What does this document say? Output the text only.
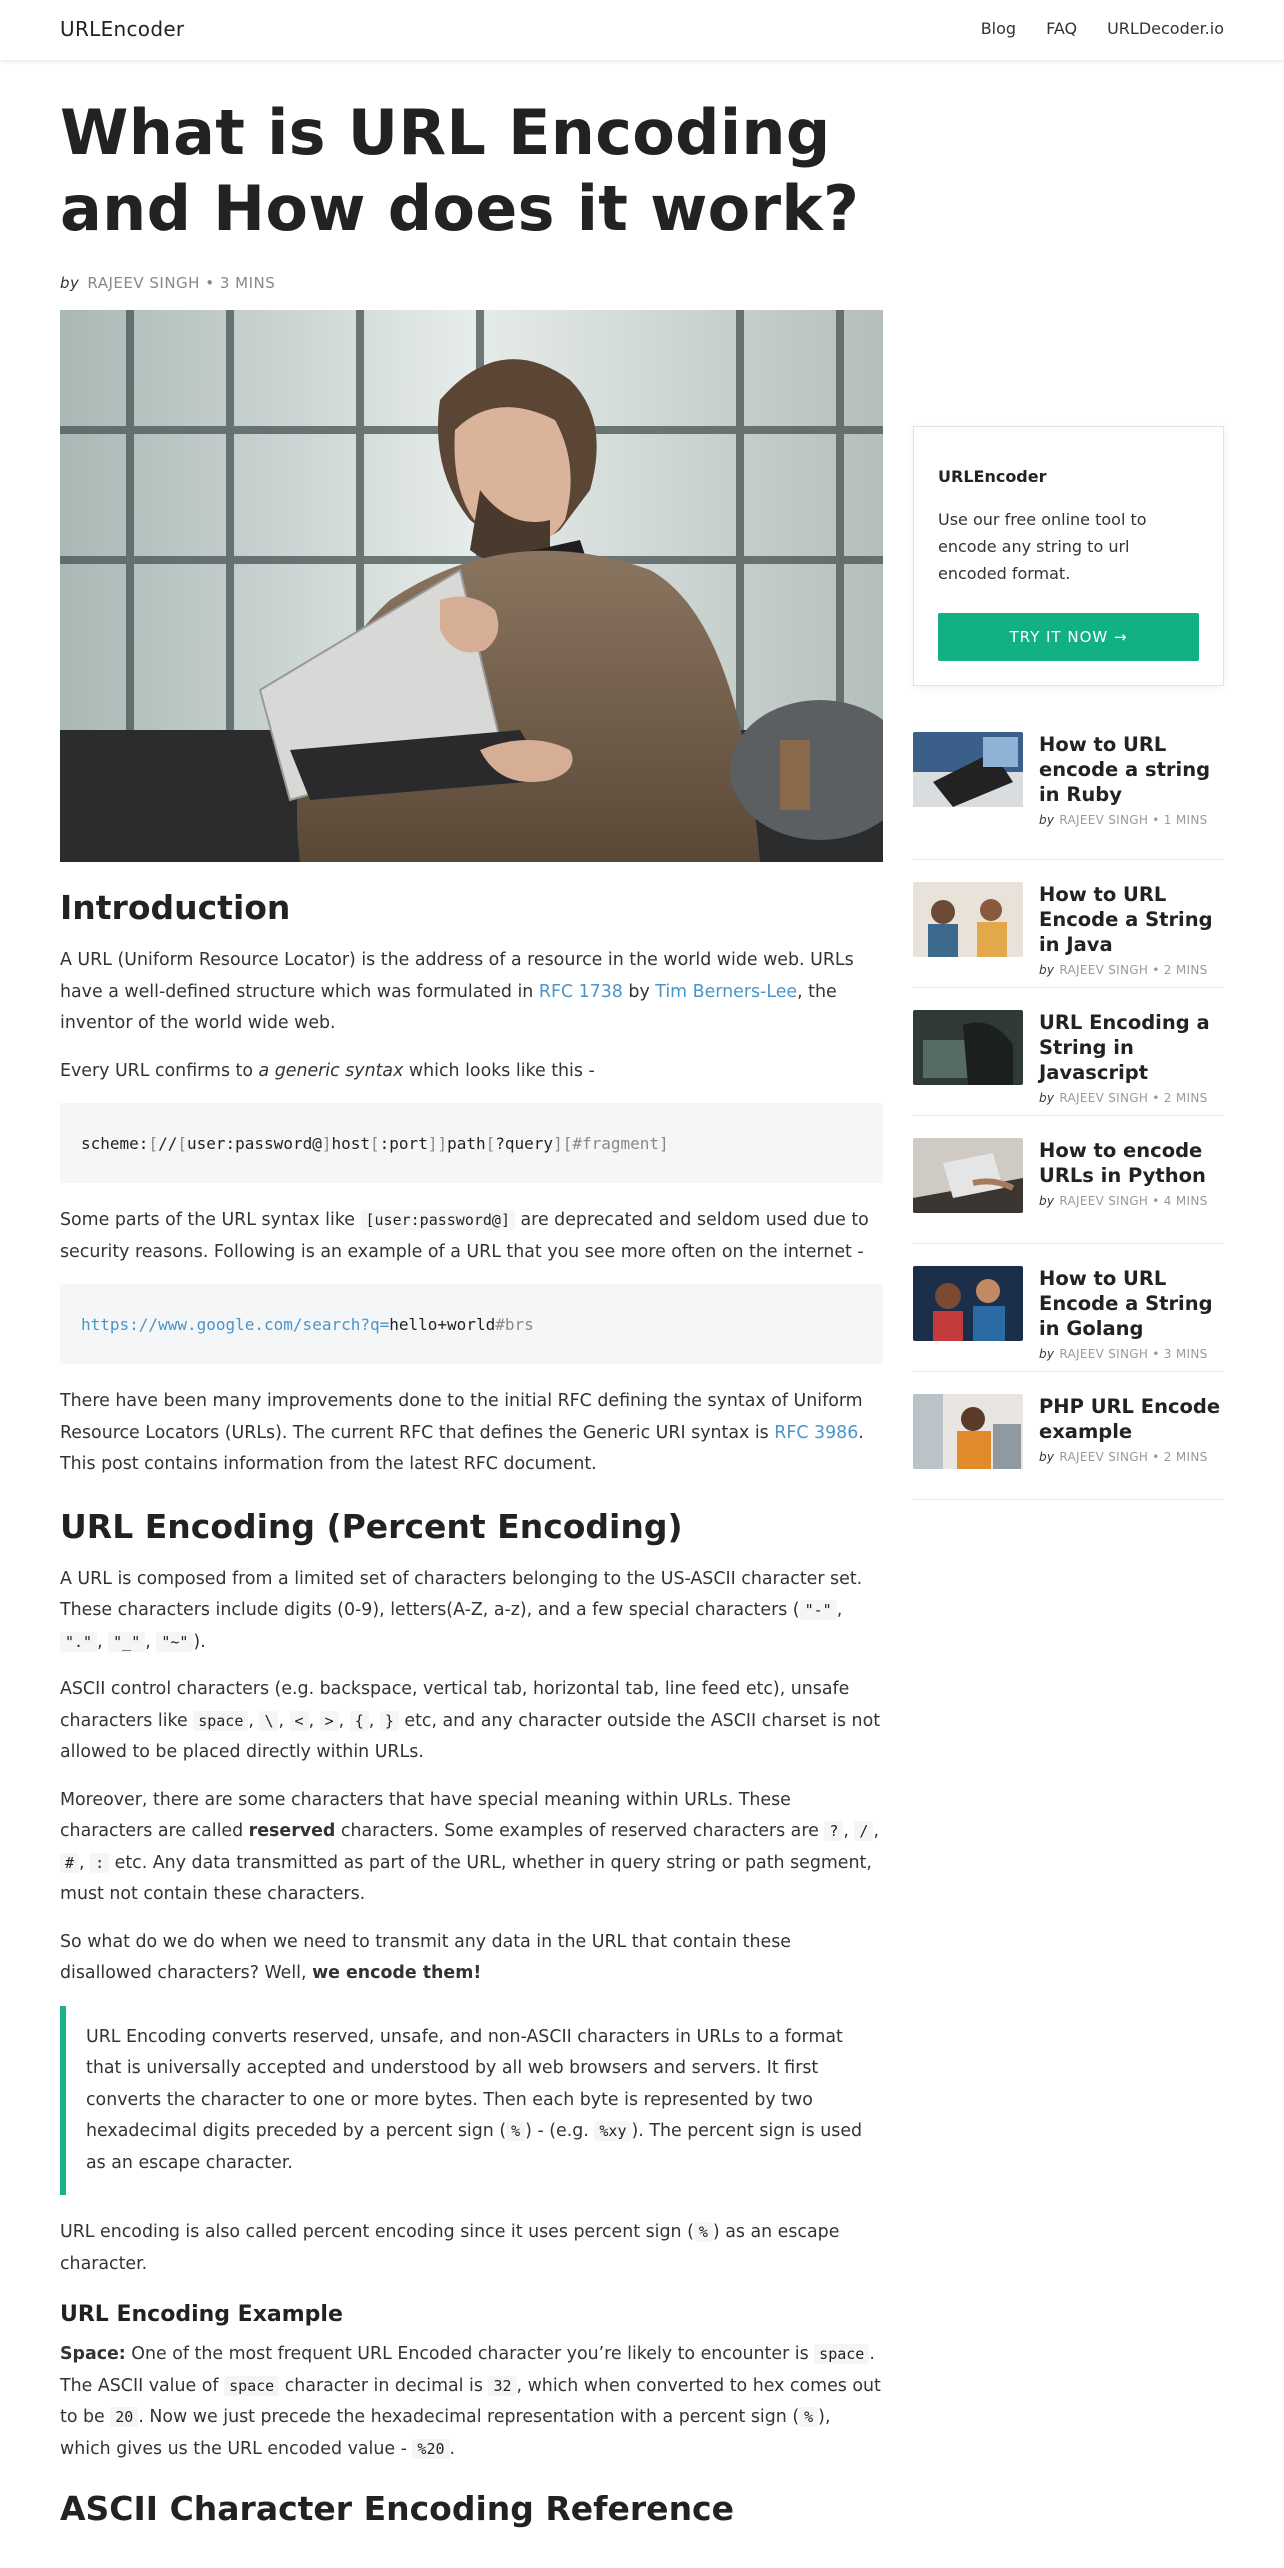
URLEncoder	Blog FAQ URLDecoder.io
What is URL Encoding
and How does it work?
by RAJEEV SINGH • 3 MINS
Introduction

A URL (Uniform Resource Locator) is the address of a resource in the world wide web. URLs have a well-defined structure which was formulated in RFC 1738 by Tim Berners-Lee, the inventor of the world wide web.

Every URL confirms to a generic syntax which looks like this -

scheme: [ // [ user:password@ ] host [ :port ]] path [ ?query ][#fragment]

Some parts of the URL syntax like [user:password@] are deprecated and seldom used due to security reasons. Following is an example of a URL that you see more often on the internet -

https://www.google.com/search?q= hello+world #brs

There have been many improvements done to the initial RFC defining the syntax of Uniform Resource Locators (URLs). The current RFC that defines the Generic URI syntax is RFC 3986. This post contains information from the latest RFC document.

URL Encoding (Percent Encoding)

A URL is composed from a limited set of characters belonging to the US-ASCII character set. These characters include digits (0-9), letters(A-Z, a-z), and a few special characters ( "-" , "." , "_" , "~" ).

ASCII control characters (e.g. backspace, vertical tab, horizontal tab, line feed etc), unsafe characters like space , \ , < , > , { , } etc, and any character outside the ASCII charset is not allowed to be placed directly within URLs.

Moreover, there are some characters that have special meaning within URLs. These characters are called reserved characters. Some examples of reserved characters are ? , / , # , : etc. Any data transmitted as part of the URL, whether in query string or path segment, must not contain these characters.

So what do we do when we need to transmit any data in the URL that contain these disallowed characters? Well, we encode them!

URL Encoding converts reserved, unsafe, and non-ASCII characters in URLs to a format that is universally accepted and understood by all web browsers and servers. It first converts the character to one or more bytes. Then each byte is represented by two hexadecimal digits preceded by a percent sign ( % ) - (e.g. %xy ). The percent sign is used as an escape character.

URL encoding is also called percent encoding since it uses percent sign ( % ) as an escape character.

URL Encoding Example

Space: One of the most frequent URL Encoded character you’re likely to encounter is space . The ASCII value of space character in decimal is 32 , which when converted to hex comes out to be 20 . Now we just precede the hexadecimal representation with a percent sign ( % ), which gives us the URL encoded value - %20 .

ASCII Character Encoding Reference
URLEncoder
Use our free online tool to encode any string to url encoded format.
TRY IT NOW →
How to URL encode a string in Ruby
by RAJEEV SINGH • 1 MINS
How to URL Encode a String in Java
by RAJEEV SINGH • 2 MINS
URL Encoding a String in Javascript
by RAJEEV SINGH • 2 MINS
How to encode URLs in Python
by RAJEEV SINGH • 4 MINS
How to URL Encode a String in Golang
by RAJEEV SINGH • 3 MINS
PHP URL Encode example
by RAJEEV SINGH • 2 MINS
